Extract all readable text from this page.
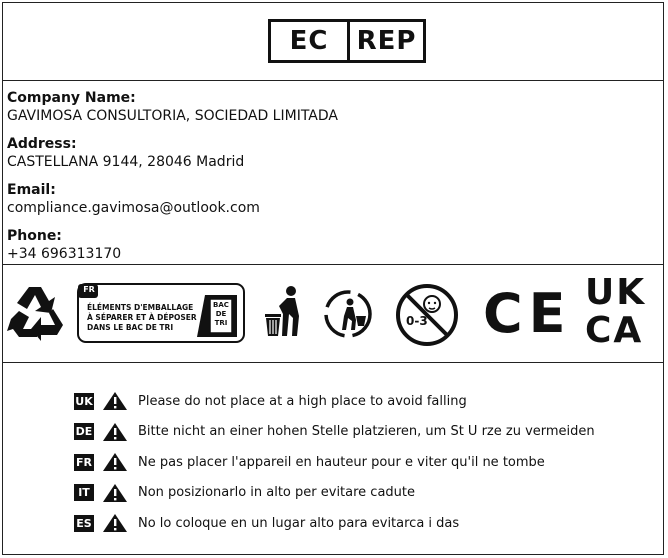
EC	REP
Company Name:
GAVIMOSA CONSULTORIA, SOCIEDAD LIMITADA
Address:
CASTELLANA 9144, 28046 Madrid
Email:
compliance.gavimosa@outlook.com
Phone:
+34 696313170
FR
ÉLÉMENTS D'EMBALLAGE
À SÉPARER ET À DÉPOSER
DANS LE BAC DE TRI
BAC
DE
TRI	0-3 CE UK
CA
UK	Please do not place at a high place to avoid falling
DE	Bitte nicht an einer hohen Stelle platzieren, um St U rze zu vermeiden
FR	Ne pas placer l'appareil en hauteur pour e viter qu'il ne tombe
IT	Non posizionarlo in alto per evitare cadute
ES	No lo coloque en un lugar alto para evitarca i das
